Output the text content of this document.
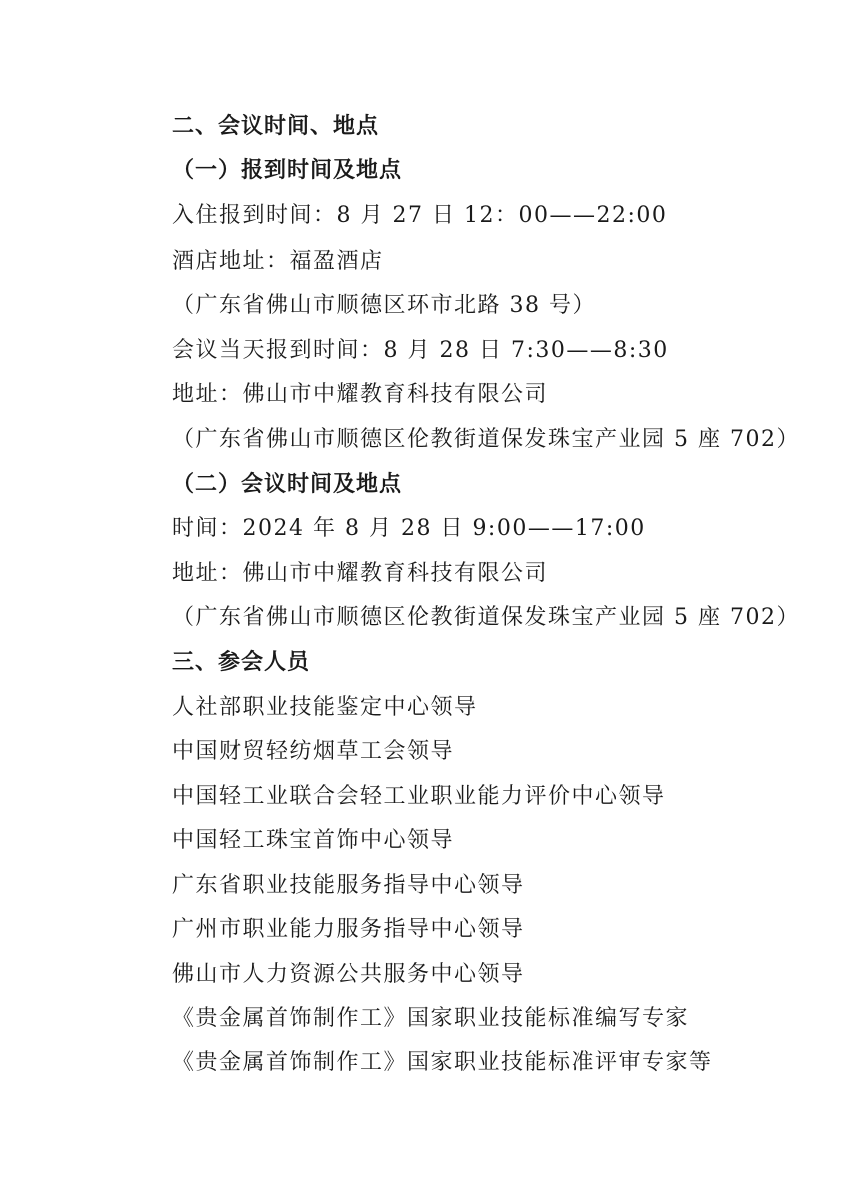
二、会议时间、地点
（一）报到时间及地点
入住报到时间：8 月 27 日 12：00——22:00
酒店地址：福盈酒店
（广东省佛山市顺德区环市北路 38 号）
会议当天报到时间：8 月 28 日 7:30——8:30
地址：佛山市中耀教育科技有限公司
（广东省佛山市顺德区伦教街道保发珠宝产业园 5 座 702）
（二）会议时间及地点
时间：2024 年 8 月 28 日 9:00——17:00
地址：佛山市中耀教育科技有限公司
（广东省佛山市顺德区伦教街道保发珠宝产业园 5 座 702）
三、参会人员
人社部职业技能鉴定中心领导
中国财贸轻纺烟草工会领导
中国轻工业联合会轻工业职业能力评价中心领导
中国轻工珠宝首饰中心领导
广东省职业技能服务指导中心领导
广州市职业能力服务指导中心领导
佛山市人力资源公共服务中心领导
《贵金属首饰制作工》国家职业技能标准编写专家
《贵金属首饰制作工》国家职业技能标准评审专家等
